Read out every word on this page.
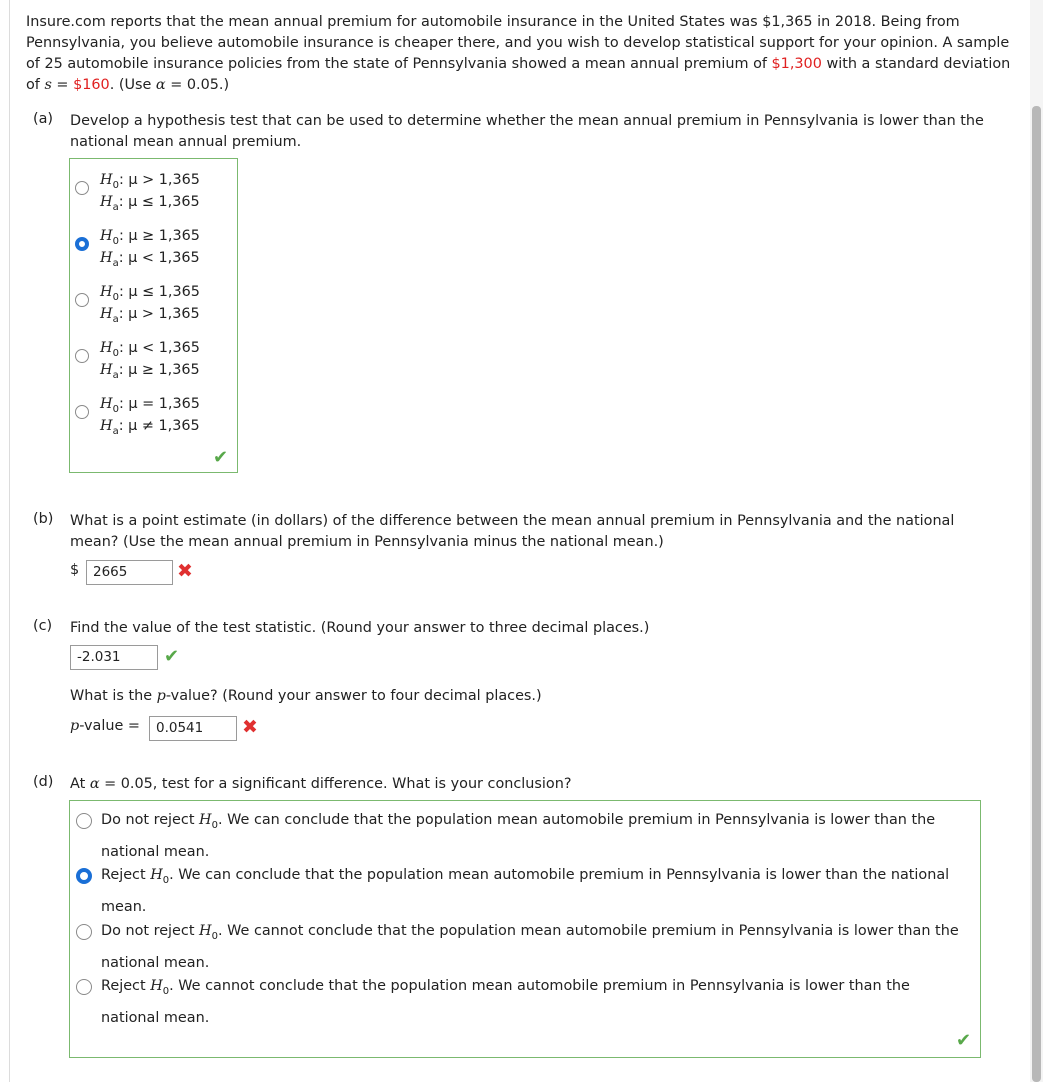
Insure.com reports that the mean annual premium for automobile insurance in the United States was $1,365 in 2018. Being from Pennsylvania, you believe automobile insurance is cheaper there, and you wish to develop statistical support for your opinion. A sample of 25 automobile insurance policies from the state of Pennsylvania showed a mean annual premium of $1,300 with a standard deviation of s = $160. (Use α = 0.05.)
(a) Develop a hypothesis test that can be used to determine whether the mean annual premium in Pennsylvania is lower than the national mean annual premium.
$H_0$: μ > 1,365
$H_a$: μ ≤ 1,365
$H_0$: μ ≥ 1,365
$H_a$: μ < 1,365
$H_0$: μ ≤ 1,365
$H_a$: μ > 1,365
$H_0$: μ < 1,365
$H_a$: μ ≥ 1,365
$H_0$: μ = 1,365
$H_a$: μ ≠ 1,365
✔
(b) What is a point estimate (in dollars) of the difference between the mean annual premium in Pennsylvania and the national mean? (Use the mean annual premium in Pennsylvania minus the national mean.)
$	2665	✖
(c) Find the value of the test statistic. (Round your answer to three decimal places.)
-2.031	✔
What is the p-value? (Round your answer to four decimal places.)
p-value =	0.0541	✖
(d) At α = 0.05, test for a significant difference. What is your conclusion?
Do not reject $H_0$. We can conclude that the population mean automobile premium in Pennsylvania is lower than the national mean.
Reject $H_0$. We can conclude that the population mean automobile premium in Pennsylvania is lower than the national mean.
Do not reject $H_0$. We cannot conclude that the population mean automobile premium in Pennsylvania is lower than the national mean.
Reject $H_0$. We cannot conclude that the population mean automobile premium in Pennsylvania is lower than the national mean.
✔
